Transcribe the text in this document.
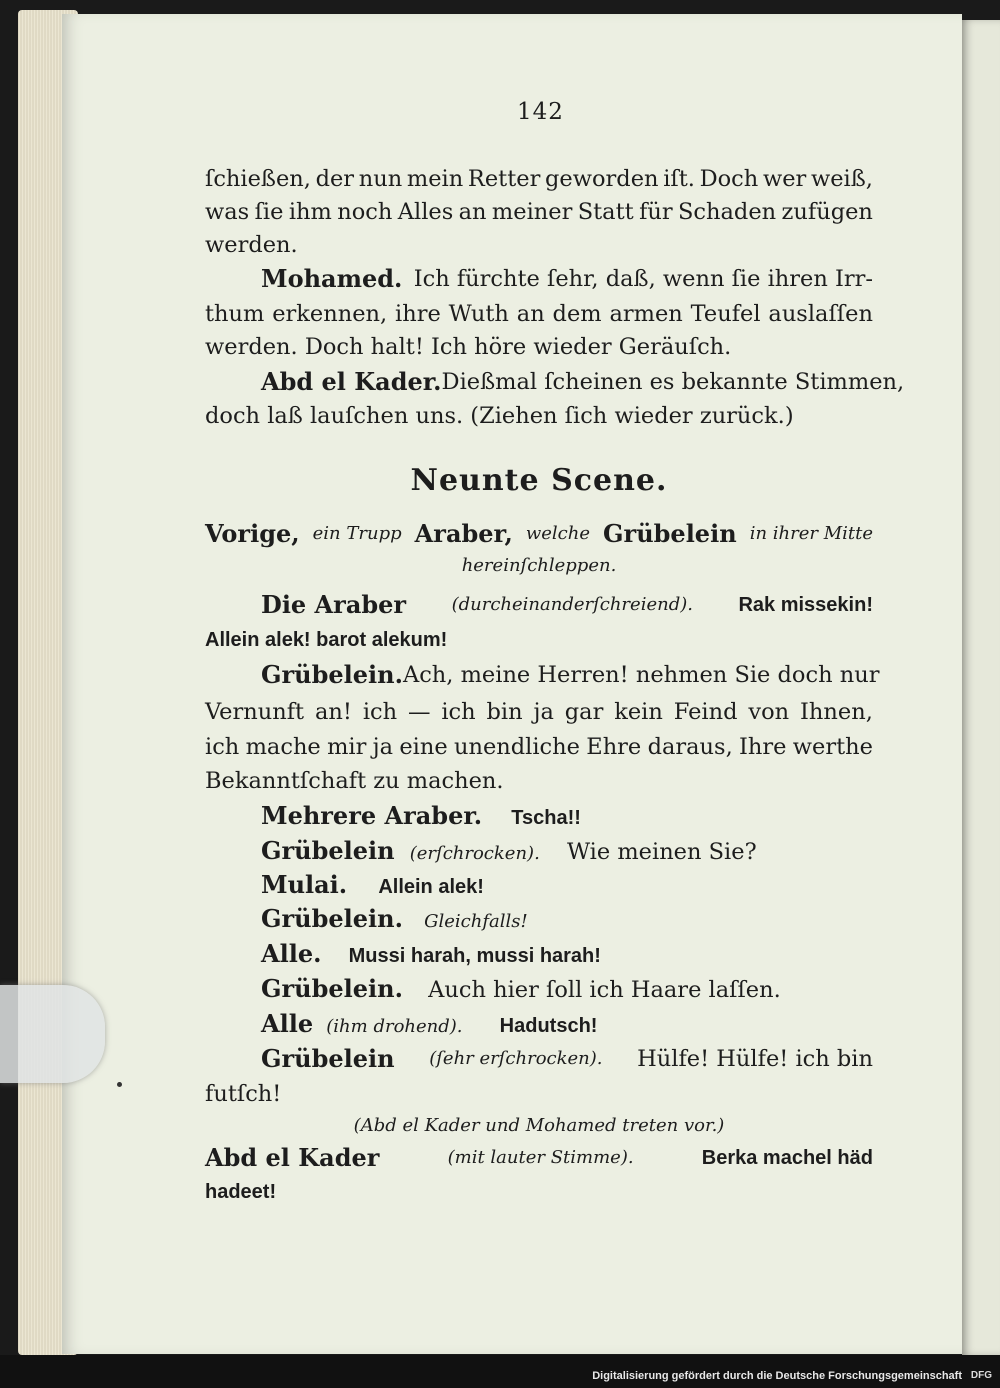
142
ſchießen, der nun mein Retter geworden iſt. Doch wer weiß,
was ſie ihm noch Alles an meiner Statt für Schaden zufügen
werden.
Mohamed. Ich fürchte ſehr, daß, wenn ſie ihren Irr-
thum erkennen, ihre Wuth an dem armen Teufel auslaſſen
werden. Doch halt! Ich höre wieder Geräuſch.
Abd el Kader. Dießmal ſcheinen es bekannte Stimmen,
doch laß lauſchen uns. (Ziehen ſich wieder zurück.)
Neunte Scene.
Vorige, ein Trupp Araber, welche Grübelein in ihrer Mitte
hereinſchleppen.
Die Araber	(durcheinanderſchreiend). Rak missekin!
Allein alek! barot alekum!
Grübelein. Ach, meine Herren! nehmen Sie doch nur
Vernunft an! ich — ich bin ja gar kein Feind von Ihnen,
ich mache mir ja eine unendliche Ehre daraus, Ihre werthe
Bekanntſchaft zu machen.
Mehrere Araber. Tscha!!
Grübelein (erſchrocken). Wie meinen Sie?
Mulai. Allein alek!
Grübelein. Gleichfalls!
Alle. Mussi harah, mussi harah!
Grübelein. Auch hier ſoll ich Haare laſſen.
Alle (ihm drohend). Hadutsch!
Grübelein (ſehr erſchrocken). Hülfe! Hülfe! ich bin
futſch!
(Abd el Kader und Mohamed treten vor.)
Abd el Kader	(mit lauter Stimme).	Berka machel häd
hadeet!
Digitalisierung gefördert durch die Deutsche Forschungsgemeinschaft DFG
